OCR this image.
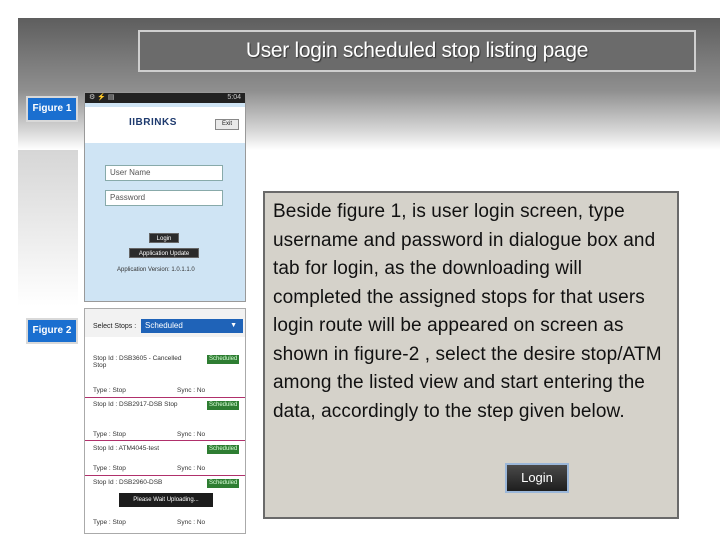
User login scheduled stop listing page
Figure 1
Figure 2
⚙ ⚡ ▤	5:04
IIBRINKS	Exit
User Name
Password
Login
Application Update
Application Version: 1.0.1.1.0
Select Stops :	Scheduled	▼
Stop Id : DSB3605 - Cancelled Stop
Scheduled
Type : Stop	Sync : No
Stop Id : DSB2917-DSB Stop	Scheduled
Type : Stop	Sync : No
Stop Id : ATM4045-test	Scheduled
Type : Stop	Sync : No
Stop Id : DSB2960-DSB	Scheduled
Please Wait Uploading...
Type : Stop	Sync : No
Beside figure 1, is user login screen, type username and password in dialogue box and tab for login, as the downloading will completed the assigned stops for that users login route will be appeared on screen as shown in figure-2 , select the desire stop/ATM among the listed view and start entering the data, accordingly to the step given below.
Login
